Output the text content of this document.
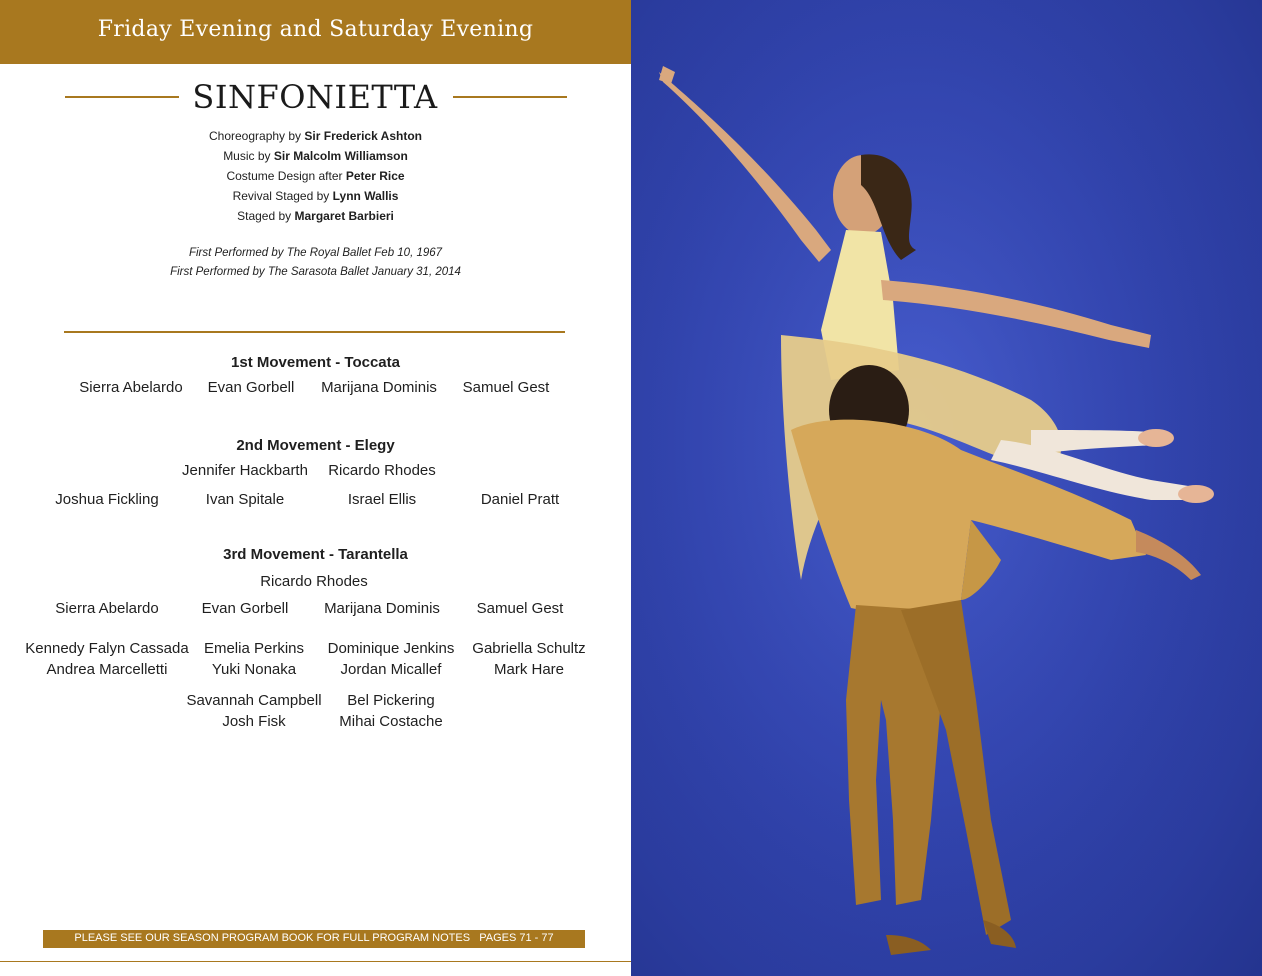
Friday Evening and Saturday Evening
SINFONIETTA
Choreography by Sir Frederick Ashton
Music by Sir Malcolm Williamson
Costume Design after Peter Rice
Revival Staged by Lynn Wallis
Staged by Margaret Barbieri
First Performed by The Royal Ballet Feb 10, 1967
First Performed by The Sarasota Ballet January 31, 2014
1st Movement - Toccata
Sierra Abelardo	Evan Gorbell	Marijana Dominis	Samuel Gest
2nd Movement - Elegy
Jennifer Hackbarth	Ricardo Rhodes
Joshua Fickling	Ivan Spitale	Israel Ellis	Daniel Pratt
3rd Movement - Tarantella
Ricardo Rhodes
Sierra Abelardo	Evan Gorbell	Marijana Dominis	Samuel Gest
Kennedy Falyn Cassada	Emelia Perkins	Dominique Jenkins	Gabriella Schultz
Andrea Marcelletti	Yuki Nonaka	Jordan Micallef	Mark Hare
Savannah Campbell	Bel Pickering
Josh Fisk	Mihai Costache
PLEASE SEE OUR SEASON PROGRAM BOOK FOR FULL PROGRAM NOTES   PAGES 71 - 77
